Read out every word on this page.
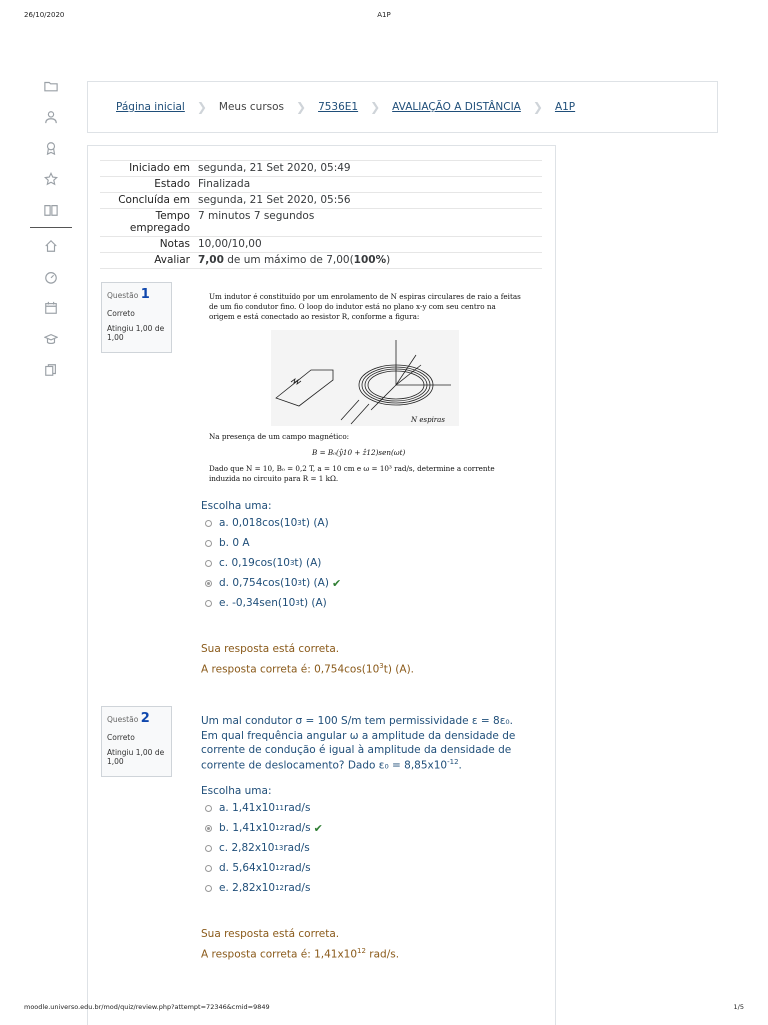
26/10/2020	A1P
Página inicial ❯ Meus cursos ❯ 7536E1 ❯ AVALIAÇÃO A DISTÂNCIA ❯ A1P
Iniciado em segunda, 21 Set 2020, 05:49
Estado Finalizada
Concluída em segunda, 21 Set 2020, 05:56
Tempo empregado
7 minutos 7 segundos
Notas 10,00/10,00
Avaliar 7,00 de um máximo de 7,00(100%)
Questão 1
Correto
Atingiu 1,00 de 1,00
Um indutor é constituído por um enrolamento de N espiras circulares de raio a feitas de um fio condutor fino. O loop do indutor está no plano x-y com seu centro na origem e está conectado ao resistor R, conforme a figura:
N espiras
Na presença de um campo magnético:
B = B₀(ŷ10 + ẑ12)sen(ωt)
Dado que N = 10, B₀ = 0,2 T, a = 10 cm e ω = 10³ rad/s, determine a corrente induzida no circuito para R = 1 kΩ.
Escolha uma:
a. 0,018cos(10 3 t) (A)
b. 0 A
c. 0,19cos(10 3 t) (A)
d. 0,754cos(10 3 t) (A) ✔
e. -0,34sen(10 3 t) (A)
Sua resposta está correta.
A resposta correta é: $0,754\cos(10^3t)$ (A).
Questão 2
Correto
Atingiu 1,00 de 1,00
Um mal condutor σ = 100 S/m tem permissividade ε = 8ε₀. Em qual frequência angular ω a amplitude da densidade de corrente de condução é igual à amplitude da densidade de corrente de deslocamento? Dado $\varepsilon_0 = 8,85x10^{-12}$.
Escolha uma:
a. 1,41x10 11 rad/s
b. 1,41x10 12 rad/s ✔
c. 2,82x10 13 rad/s
d. 5,64x10 12 rad/s
e. 2,82x10 12 rad/s
Sua resposta está correta.
A resposta correta é: $1,41x10^{12}$ rad/s.
moodle.universo.edu.br/mod/quiz/review.php?attempt=72346&cmid=9849	1/5
